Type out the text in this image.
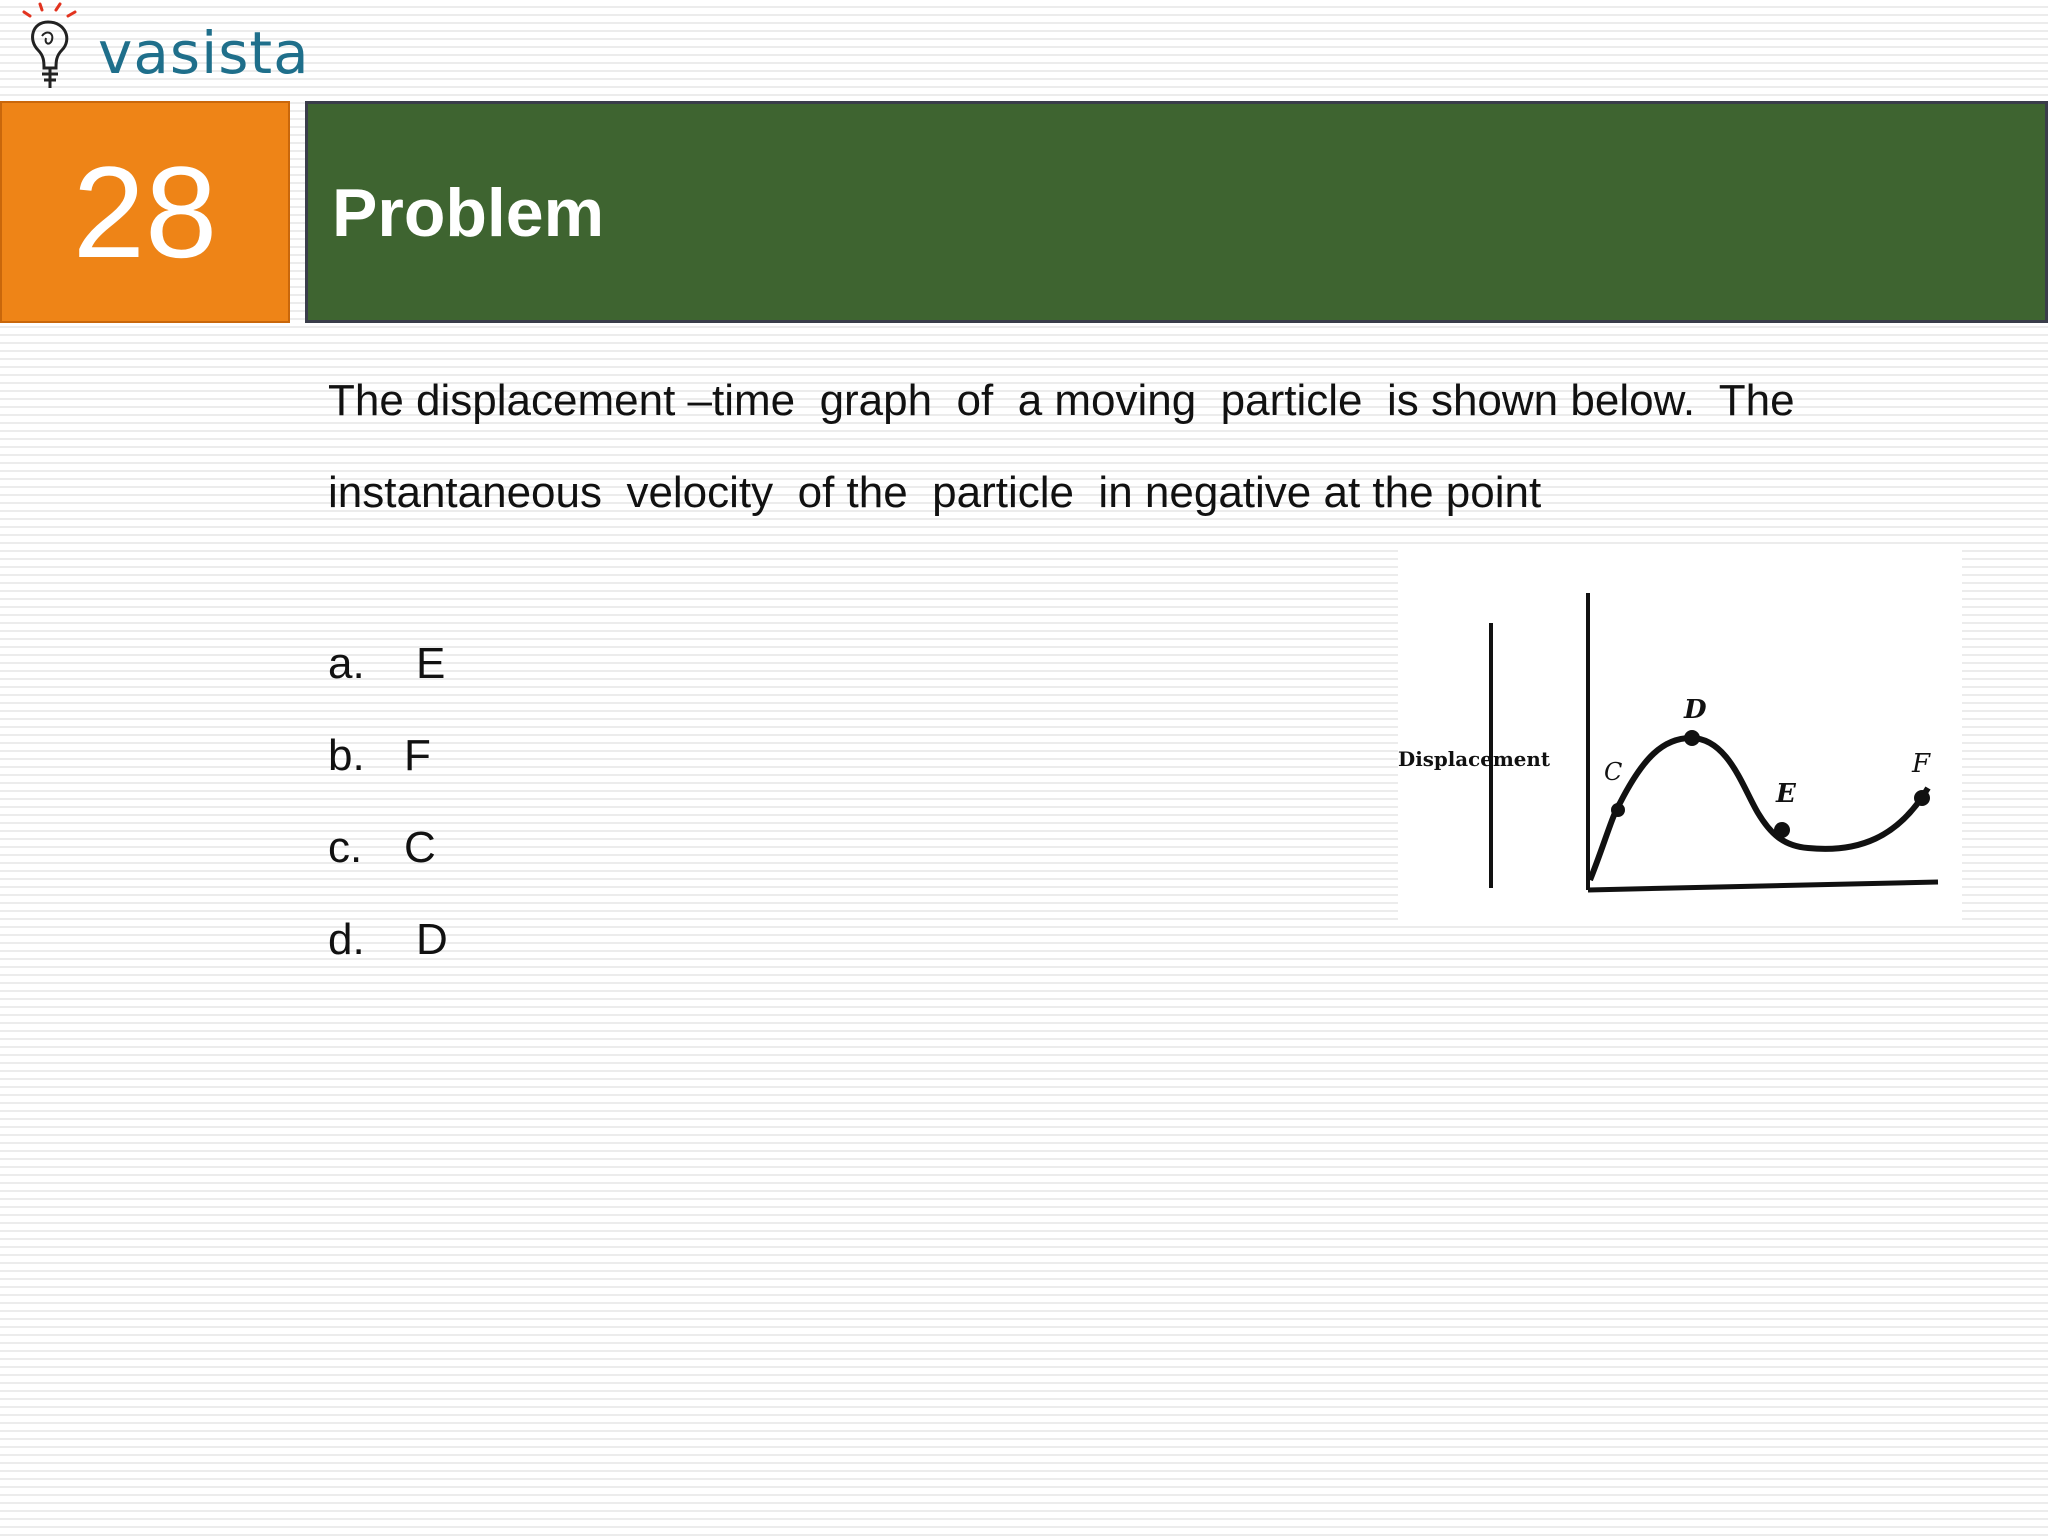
vasista
28 Problem
The displacement –time  graph  of  a moving  particle  is shown below.  The
instantaneous  velocity  of the  particle  in negative at the point
a. E
b. F
c. C
d. D
Displacement C
D
E
F
